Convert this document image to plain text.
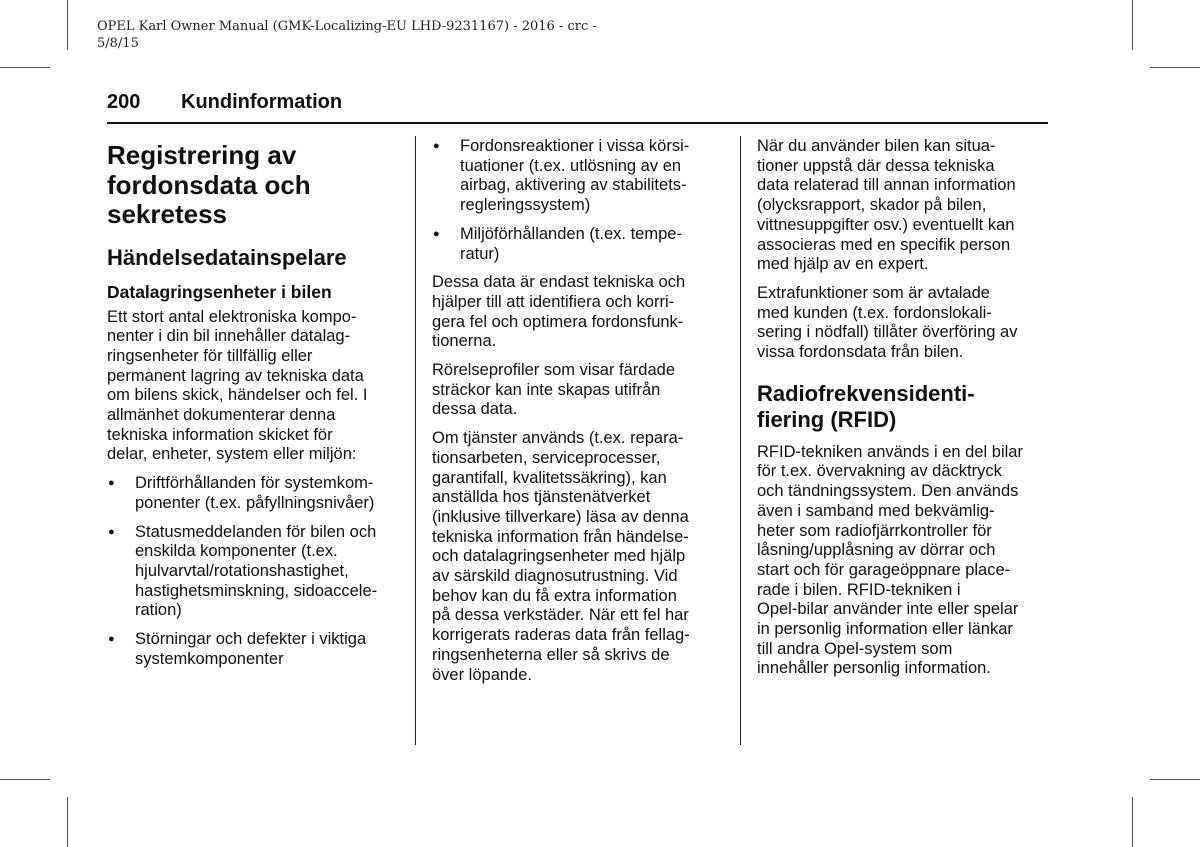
OPEL Karl Owner Manual (GMK-Localizing-EU LHD-9231167) - 2016 - crc -
5/8/15
200 Kundinformation
Registrering av
fordonsdata och
sekretess
Händelsedatainspelare
Datalagringsenheter i bilen

Ett stort antal elektroniska kompo-
nenter i din bil innehåller datalag-
ringsenheter för tillfällig eller
permanent lagring av tekniska data
om bilens skick, händelser och fel. I
allmänhet dokumenterar denna
tekniska information skicket för
delar, enheter, system eller miljön:

● Driftförhållanden för systemkom-
ponenter (t.ex. påfyllningsnivåer)
● Statusmeddelanden för bilen och
enskilda komponenter (t.ex.
hjulvarvtal/rotationshastighet,
hastighetsminskning, sidoaccele-
ration)
● Störningar och defekter i viktiga
systemkomponenter
● Fordonsreaktioner i vissa körsi-
tuationer (t.ex. utlösning av en
airbag, aktivering av stabilitets-
regleringssystem)
● Miljöförhållanden (t.ex. tempe-
ratur)

Dessa data är endast tekniska och
hjälper till att identifiera och korri-
gera fel och optimera fordonsfunk-
tionerna.

Rörelseprofiler som visar färdade
sträckor kan inte skapas utifrån
dessa data.

Om tjänster används (t.ex. repara-
tionsarbeten, serviceprocesser,
garantifall, kvalitetssäkring), kan
anställda hos tjänstenätverket
(inklusive tillverkare) läsa av denna
tekniska information från händelse-
och datalagringsenheter med hjälp
av särskild diagnosutrustning. Vid
behov kan du få extra information
på dessa verkstäder. När ett fel har
korrigerats raderas data från fellag-
ringsenheterna eller så skrivs de
över löpande.

När du använder bilen kan situa-
tioner uppstå där dessa tekniska
data relaterad till annan information
(olycksrapport, skador på bilen,
vittnesuppgifter osv.) eventuellt kan
associeras med en specifik person
med hjälp av en expert.

Extrafunktioner som är avtalade
med kunden (t.ex. fordonslokali-
sering i nödfall) tillåter överföring av
vissa fordonsdata från bilen.

Radiofrekvensidenti-
fiering (RFID)

RFID-tekniken används i en del bilar
för t.ex. övervakning av däcktryck
och tändningssystem. Den används
även i samband med bekvämlig-
heter som radiofjärrkontroller för
låsning/upplåsning av dörrar och
start och för garageöppnare place-
rade i bilen. RFID-tekniken i
Opel-bilar använder inte eller spelar
in personlig information eller länkar
till andra Opel-system som
innehåller personlig information.
